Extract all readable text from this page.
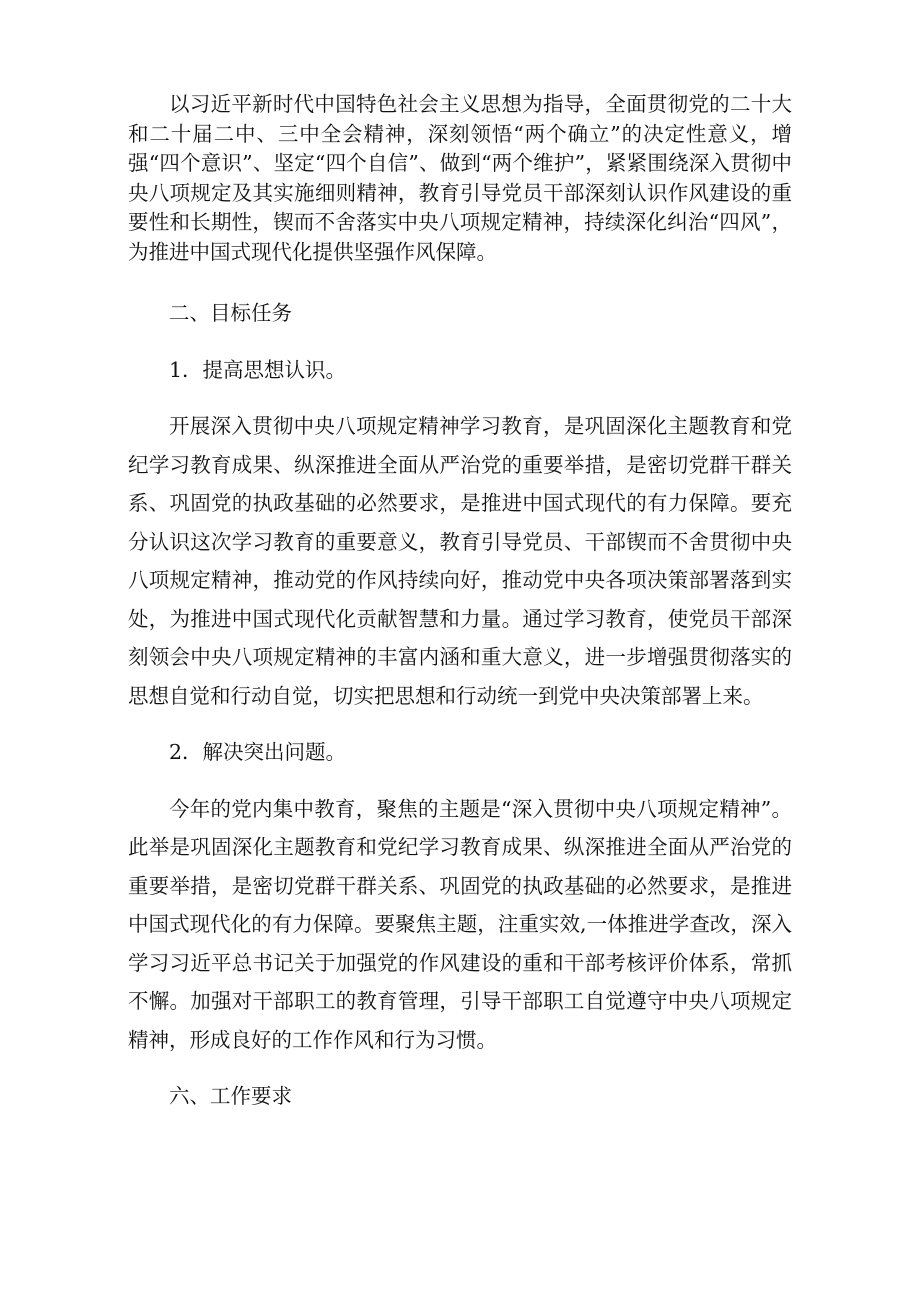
以习近平新时代中国特色社会主义思想为指导，全面贯彻党的二十大和二十届二中、三中全会精神，深刻领悟“两个确立”的决定性意义，增强“四个意识”、坚定“四个自信”、做到“两个维护”，紧紧围绕深入贯彻中央八项规定及其实施细则精神，教育引导党员干部深刻认识作风建设的重要性和长期性，锲而不舍落实中央八项规定精神，持续深化纠治“四风”，为推进中国式现代化提供坚强作风保障。

二、目标任务

1．提高思想认识。

开展深入贯彻中央八项规定精神学习教育，是巩固深化主题教育和党纪学习教育成果、纵深推进全面从严治党的重要举措，是密切党群干群关系、巩固党的执政基础的必然要求，是推进中国式现代的有力保障。要充分认识这次学习教育的重要意义，教育引导党员、干部锲而不舍贯彻中央八项规定精神，推动党的作风持续向好，推动党中央各项决策部署落到实处，为推进中国式现代化贡献智慧和力量。通过学习教育，使党员干部深刻领会中央八项规定精神的丰富内涵和重大意义，进一步增强贯彻落实的思想自觉和行动自觉，切实把思想和行动统一到党中央决策部署上来。

2．解决突出问题。

今年的党内集中教育，聚焦的主题是“深入贯彻中央八项规定精神”。此举是巩固深化主题教育和党纪学习教育成果、纵深推进全面从严治党的重要举措，是密切党群干群关系、巩固党的执政基础的必然要求，是推进中国式现代化的有力保障。要聚焦主题，注重实效,一体推进学查改，深入学习习近平总书记关于加强党的作风建设的重和干部考核评价体系，常抓不懈。加强对干部职工的教育管理，引导干部职工自觉遵守中央八项规定精神，形成良好的工作作风和行为习惯。

六、工作要求
